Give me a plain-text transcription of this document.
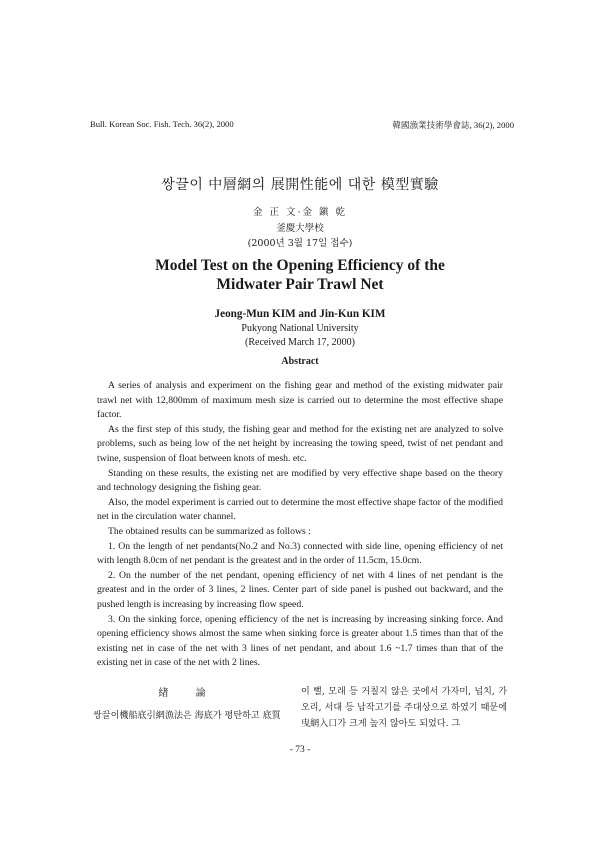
Bull. Korean Soc. Fish. Tech. 36(2), 2000	韓國漁業技術學會誌, 36(2), 2000
쌍끌이 中層網의 展開性能에 대한 模型實驗
金 正 文·金 鎭 乾
釜慶大學校
(2000년 3월 17일 접수)
Model Test on the Opening Efficiency of the
Midwater Pair Trawl Net
Jeong-Mun KIM and Jin-Kun KIM
Pukyong National University
(Received March 17, 2000)
Abstract

A series of analysis and experiment on the fishing gear and method of the existing midwater pair trawl net with 12,800mm of maximum mesh size is carried out to determine the most effective shape factor.

As the first step of this study, the fishing gear and method for the existing net are analyzed to solve problems, such as being low of the net height by increasing the towing speed, twist of net pendant and twine, suspension of float between knots of mesh. etc.

Standing on these results, the existing net are modified by very effective shape based on the theory and technology designing the fishing gear.

Also, the model experiment is carried out to determine the most effective shape factor of the modified net in the circulation water channel.

The obtained results can be summarized as follows :

1. On the length of net pendants(No.2 and No.3) connected with side line, opening efficiency of net with length 8.0cm of net pendant is the greatest and in the order of 11.5cm, 15.0cm.

2. On the number of the net pendant, opening efficiency of net with 4 lines of net pendant is the greatest and in the order of 3 lines, 2 lines. Center part of side panel is pushed out backward, and the pushed length is increasing by increasing flow speed.

3. On the sinking force, opening efficiency of the net is increasing by increasing sinking force. And opening efficiency shows almost the same when sinking force is greater about 1.5 times than that of the existing net in case of the net with 3 lines of net pendant, and about 1.6 ~1.7 times than that of the existing net in case of the net with 2 lines.

緖 論

쌍끌이機船底引網漁法은 海底가 평탄하고 底質

이 뻘, 모래 등 거칠지 않은 곳에서 가자미, 넙치, 가오리, 서대 등 납작고기를 주대상으로 하였기 때문에 曳網入口가 크게 높지 않아도 되었다. 그

- 73 -
